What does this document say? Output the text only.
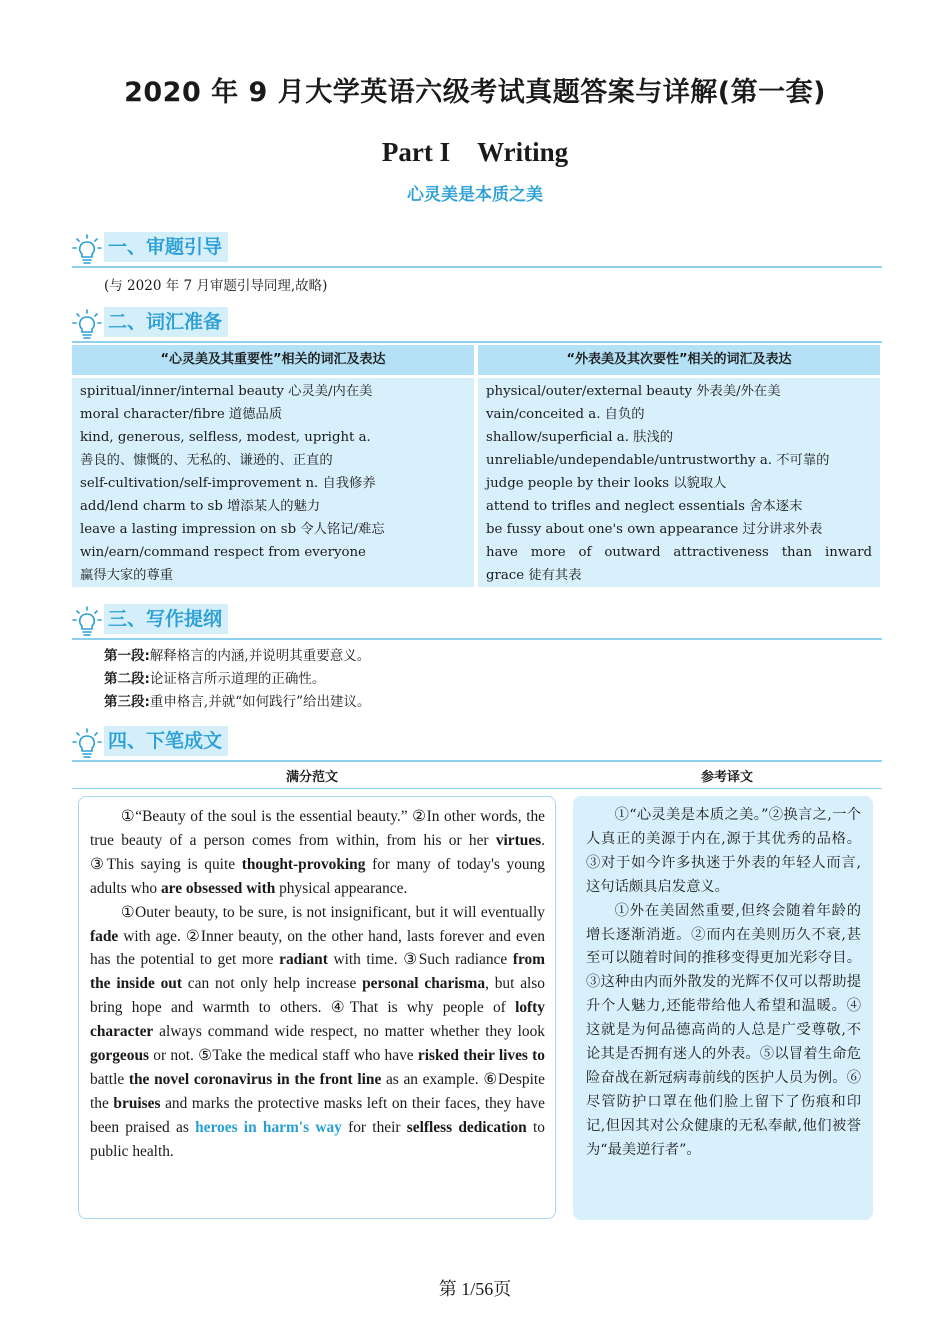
2020 年 9 月大学英语六级考试真题答案与详解(第一套)
Part I　Writing
心灵美是本质之美
一、审题引导
(与 2020 年 7 月审题引导同理,故略)
二、词汇准备
“心灵美及其重要性”相关的词汇及表达
spiritual/inner/internal beauty 心灵美/内在美
moral character/fibre 道德品质
kind, generous, selfless, modest, upright a.
善良的、慷慨的、无私的、谦逊的、正直的
self-cultivation/self-improvement n. 自我修养
add/lend charm to sb 增添某人的魅力
leave a lasting impression on sb 令人铭记/难忘
win/earn/command respect from everyone
赢得大家的尊重
“外表美及其次要性”相关的词汇及表达
physical/outer/external beauty 外表美/外在美
vain/conceited a. 自负的
shallow/superficial a. 肤浅的
unreliable/undependable/untrustworthy a. 不可靠的
judge people by their looks 以貌取人
attend to trifles and neglect essentials 舍本逐末
be fussy about one's own appearance 过分讲求外表
have more of outward attractiveness than inward
grace 徒有其表
三、写作提纲
第一段:解释格言的内涵,并说明其重要意义。
第二段:论证格言所示道理的正确性。
第三段:重申格言,并就“如何践行”给出建议。
四、下笔成文
满分范文	参考译文

①“Beauty of the soul is the essential beauty.” ②In other words, the true beauty of a person comes from within, from his or her virtues. ③This saying is quite thought-provoking for many of today's young adults who are obsessed with physical appearance.

①Outer beauty, to be sure, is not insignificant, but it will eventually fade with age. ②Inner beauty, on the other hand, lasts forever and even has the potential to get more radiant with time. ③Such radiance from the inside out can not only help increase personal charisma, but also bring hope and warmth to others. ④That is why people of lofty character always command wide respect, no matter whether they look gorgeous or not. ⑤Take the medical staff who have risked their lives to battle the novel coronavirus in the front line as an example. ⑥Despite the bruises and marks the protective masks left on their faces, they have been praised as heroes in harm's way for their selfless dedication to public health.

①“心灵美是本质之美。”②换言之,一个人真正的美源于内在,源于其优秀的品格。③对于如今许多执迷于外表的年轻人而言,这句话颇具启发意义。

①外在美固然重要,但终会随着年龄的增长逐渐消逝。②而内在美则历久不衰,甚至可以随着时间的推移变得更加光彩夺目。③这种由内而外散发的光辉不仅可以帮助提升个人魅力,还能带给他人希望和温暖。④这就是为何品德高尚的人总是广受尊敬,不论其是否拥有迷人的外表。⑤以冒着生命危险奋战在新冠病毒前线的医护人员为例。⑥尽管防护口罩在他们脸上留下了伤痕和印记,但因其对公众健康的无私奉献,他们被誉为“最美逆行者”。

第 1/56页
